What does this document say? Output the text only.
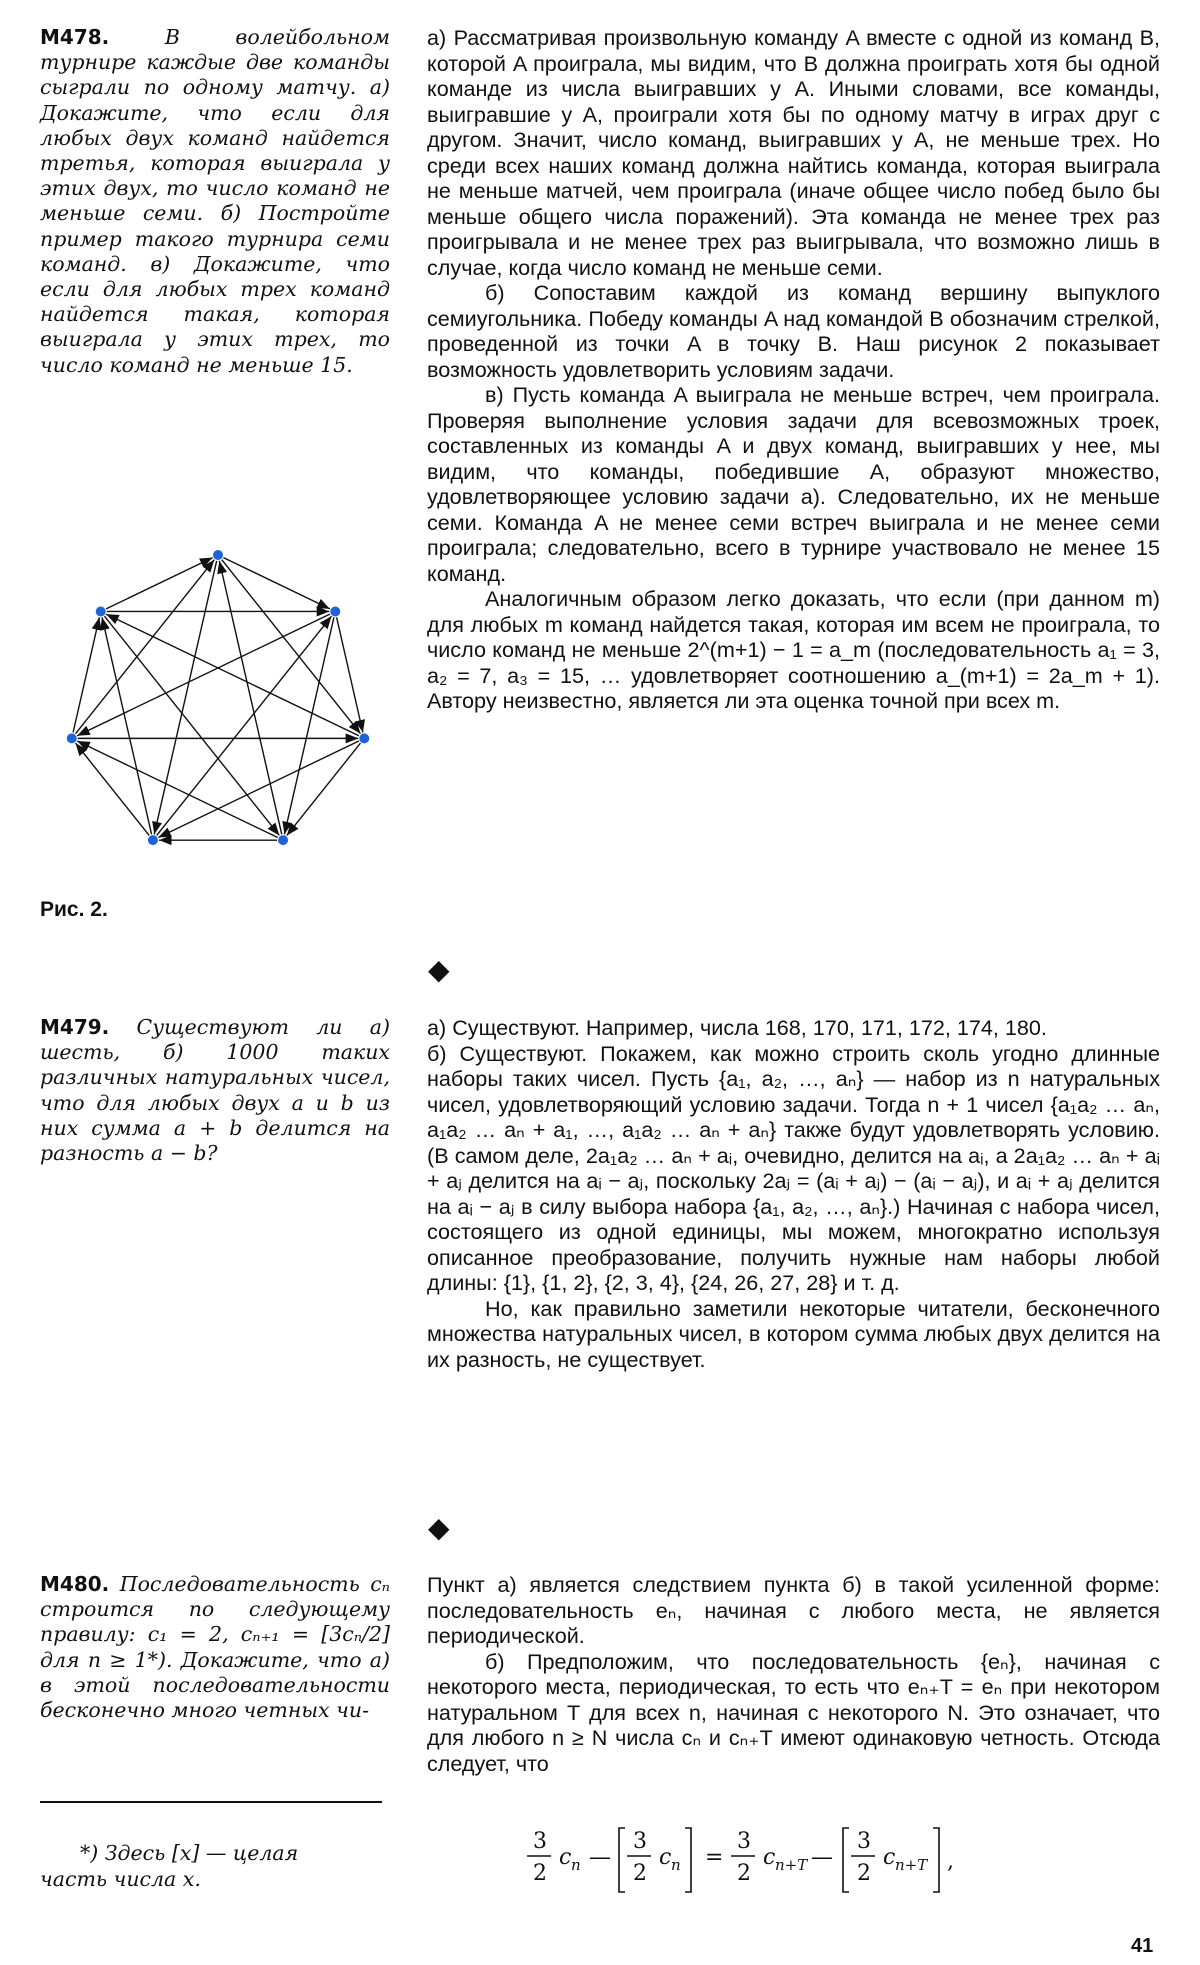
M478.	В волейбольном турнире каждые две команды сыграли по одному матчу. а) Докажите, что если для любых двух команд найдется третья, которая выиграла у этих двух, то число команд не меньше семи. б) Постройте пример такого турнира семи команд. в) Докажите, что если для любых трех команд найдется такая, которая выиграла у этих трех, то число команд не меньше 15.
Рис. 2.

а) Рассматривая произвольную команду A вместе с одной из команд B, которой A проиграла, мы видим, что B должна проиграть хотя бы одной команде из числа выигравших у A. Иными словами, все команды, выигравшие у A, проиграли хотя бы по одному матчу в играх друг с другом. Значит, число команд, выигравших у A, не меньше трех. Но среди всех наших команд должна найтись команда, которая выиграла не меньше матчей, чем проиграла (иначе общее число побед было бы меньше общего числа поражений). Эта команда не менее трех раз проигрывала и не менее трех раз выигрывала, что возможно лишь в случае, когда число команд не меньше семи.

б) Сопоставим каждой из команд вершину выпуклого семиугольника. Победу команды A над командой B обозначим стрелкой, проведенной из точки A в точку B. Наш рисунок 2 показывает возможность удовлетворить условиям задачи.

в) Пусть команда A выиграла не меньше встреч, чем проиграла. Проверяя выполнение условия задачи для всевозможных троек, составленных из команды A и двух команд, выигравших у нее, мы видим, что команды, победившие A, образуют множество, удовлетворяющее условию задачи а). Следовательно, их не меньше семи. Команда A не менее семи встреч выиграла и не менее семи проиграла; следовательно, всего в турнире участвовало не менее 15 команд.

Аналогичным образом легко доказать, что если (при данном m) для любых m команд найдется такая, которая им всем не проиграла, то число команд не меньше 2^(m+1) − 1 = a_m (последовательность a₁ = 3, a₂ = 7, a₃ = 15, … удовлетворяет соотношению a_(m+1) = 2a_m + 1). Автору неизвестно, является ли эта оценка точной при всех m.

◆
M479. Существуют ли а) шесть, б) 1000 таких различных натуральных чисел, что для любых двух a и b из них сумма a + b делится на разность a − b?

а) Существуют. Например, числа 168, 170, 171, 172, 174, 180.

б) Существуют. Покажем, как можно строить сколь угодно длинные наборы таких чисел. Пусть {a₁, a₂, …, aₙ} — набор из n натуральных чисел, удовлетворяющий условию задачи. Тогда n + 1 чисел {a₁a₂ … aₙ, a₁a₂ … aₙ + a₁, …, a₁a₂ … aₙ + aₙ} также будут удовлетворять условию. (В самом деле, 2a₁a₂ … aₙ + aᵢ, очевидно, делится на aᵢ, а 2a₁a₂ … aₙ + aᵢ + aⱼ делится на aᵢ − aⱼ, поскольку 2aⱼ = (aᵢ + aⱼ) − (aᵢ − aⱼ), и aᵢ + aⱼ делится на aᵢ − aⱼ в силу выбора набора {a₁, a₂, …, aₙ}.) Начиная с набора чисел, состоящего из одной единицы, мы можем, многократно используя описанное преобразование, получить нужные нам наборы любой длины: {1}, {1, 2}, {2, 3, 4}, {24, 26, 27, 28} и т. д.

Но, как правильно заметили некоторые читатели, бесконечного множества натуральных чисел, в котором сумма любых двух делится на их разность, не существует.

◆
M480. Последовательность cₙ строится по следующему правилу: c₁ = 2, cₙ₊₁ = [3cₙ/2] для n ≥ 1*). Докажите, что а) в этой последовательности бесконечно много четных чи-

Пункт а) является следствием пункта б) в такой усиленной форме: последовательность eₙ, начиная с любого места, не является периодической.

б) Предположим, что последовательность {eₙ}, начиная с некоторого места, периодическая, то есть что eₙ₊T = eₙ при некотором натуральном T для всех n, начиная с некоторого N. Это означает, что для любого n ≥ N числа cₙ и cₙ₊T имеют одинаковую четность. Отсюда следует, что

3
2
c n —
3
2
c n =
3
2
c n+T —
3
2
c n+T ,
*) Здесь [x] — целая
часть числа x.
41
